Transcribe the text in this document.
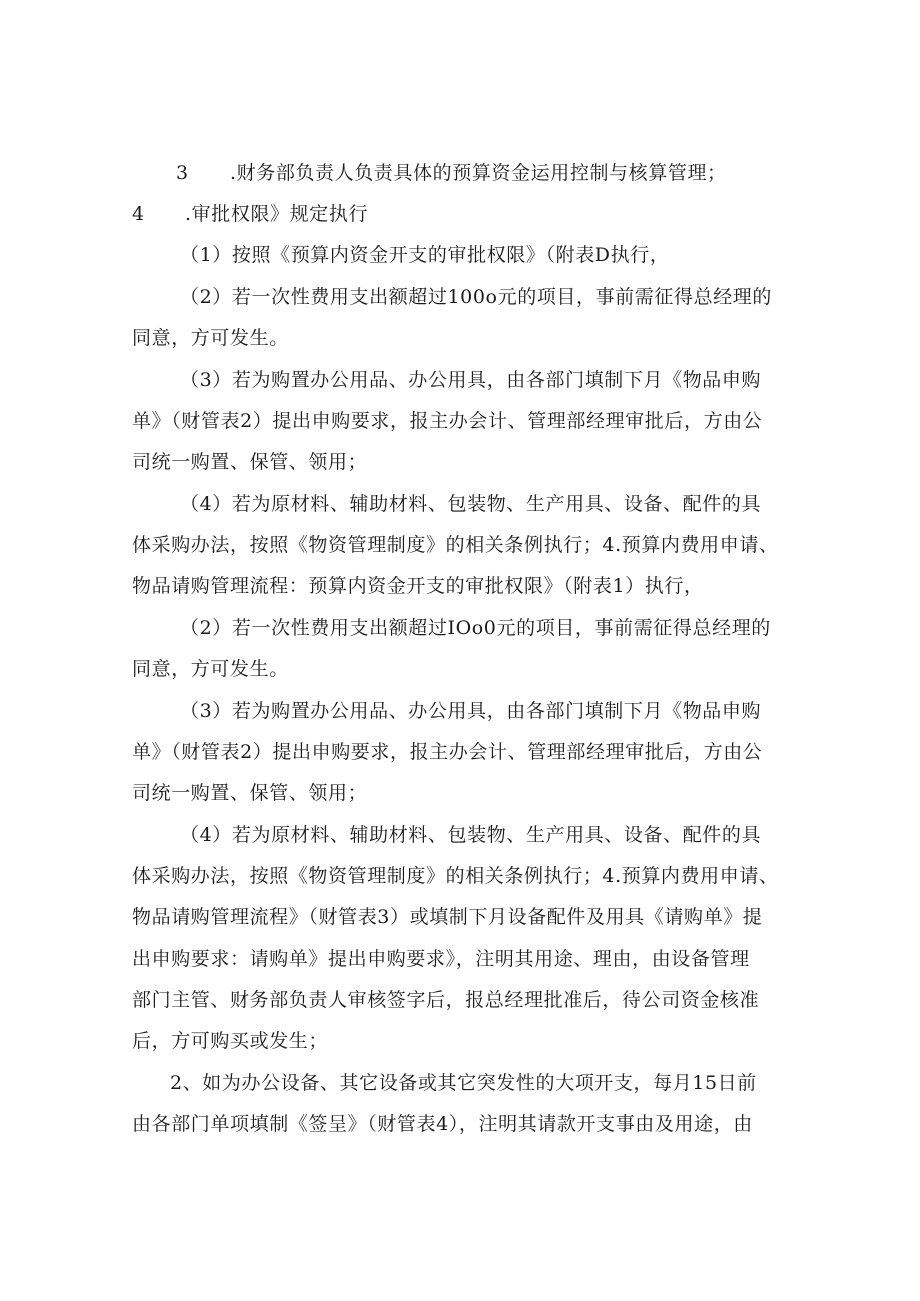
3 .财务部负责人负责具体的预算资金运用控制与核算管理；
4 .审批权限》规定执行
（1）按照《预算内资金开支的审批权限》（附表D执行，
（2）若一次性费用支出额超过100o元的项目，事前需征得总经理的
同意，方可发生。
（3）若为购置办公用品、办公用具，由各部门填制下月《物品申购
单》（财管表2）提出申购要求，报主办会计、管理部经理审批后，方由公
司统一购置、保管、领用；
（4）若为原材料、辅助材料、包装物、生产用具、设备、配件的具
体采购办法，按照《物资管理制度》的相关条例执行；4.预算内费用申请、
物品请购管理流程：预算内资金开支的审批权限》（附表1）执行，
（2）若一次性费用支出额超过IOo0元的项目，事前需征得总经理的
同意，方可发生。
（3）若为购置办公用品、办公用具，由各部门填制下月《物品申购
单》（财管表2）提出申购要求，报主办会计、管理部经理审批后，方由公
司统一购置、保管、领用；
（4）若为原材料、辅助材料、包装物、生产用具、设备、配件的具
体采购办法，按照《物资管理制度》的相关条例执行；4.预算内费用申请、
物品请购管理流程》（财管表3）或填制下月设备配件及用具《请购单》提
出申购要求：请购单》提出申购要求》，注明其用途、理由，由设备管理
部门主管、财务部负责人审核签字后，报总经理批准后，待公司资金核准
后，方可购买或发生；
2、如为办公设备、其它设备或其它突发性的大项开支，每月15日前
由各部门单项填制《签呈》（财管表4），注明其请款开支事由及用途，由
